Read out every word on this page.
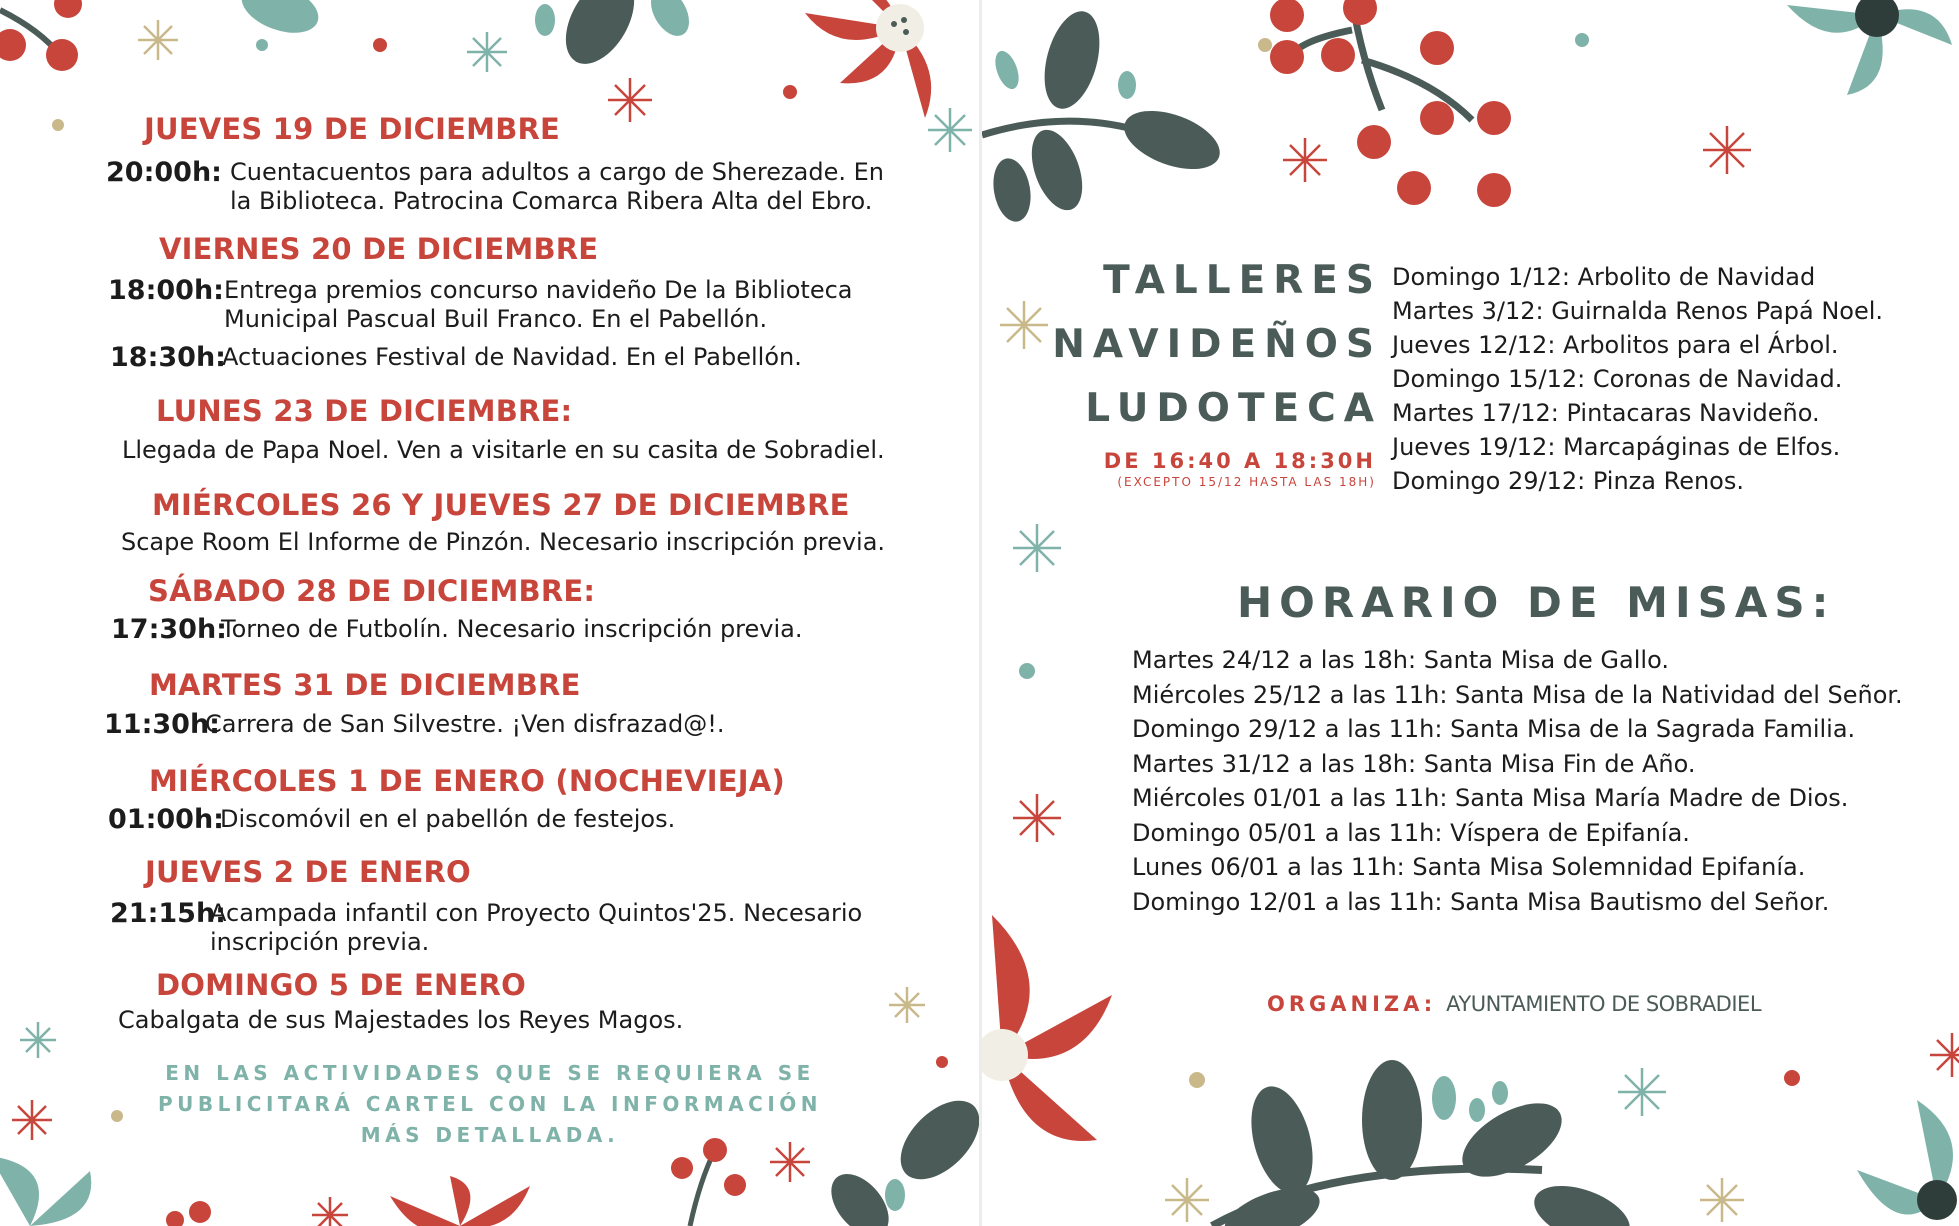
JUEVES 19 DE DICIEMBRE
20:00h: Cuentacuentos para adultos a cargo de Sherezade. En
la Biblioteca. Patrocina Comarca Ribera Alta del Ebro.
VIERNES 20 DE DICIEMBRE
18:00h: Entrega premios concurso navideño De la Biblioteca
Municipal Pascual Buil Franco. En el Pabellón.
18:30h:
Actuaciones Festival de Navidad. En el Pabellón.
LUNES 23 DE DICIEMBRE:
Llegada de Papa Noel. Ven a visitarle en su casita de Sobradiel.
MIÉRCOLES 26 Y JUEVES 27 DE DICIEMBRE
Scape Room El Informe de Pinzón. Necesario inscripción previa.
SÁBADO 28 DE DICIEMBRE:
17:30h:
Torneo de Futbolín. Necesario inscripción previa.
MARTES 31 DE DICIEMBRE
11:30h:
Carrera de San Silvestre. ¡Ven disfrazad@!.
MIÉRCOLES 1 DE ENERO (NOCHEVIEJA)
01:00h:
Discomóvil en el pabellón de festejos.
JUEVES 2 DE ENERO
21:15h:
Acampada infantil con Proyecto Quintos'25. Necesario
inscripción previa.
DOMINGO 5 DE ENERO
Cabalgata de sus Majestades los Reyes Magos.
EN LAS ACTIVIDADES QUE SE REQUIERA SE
PUBLICITARÁ CARTEL CON LA INFORMACIÓN
MÁS DETALLADA.
TALLERES
NAVIDEÑOS
LUDOTECA
DE 16:40 A 18:30H
(EXCEPTO 15/12 HASTA LAS 18H)
Domingo 1/12: Arbolito de Navidad
Martes 3/12: Guirnalda Renos Papá Noel.
Jueves 12/12: Arbolitos para el Árbol.
Domingo 15/12: Coronas de Navidad.
Martes 17/12: Pintacaras Navideño.
Jueves 19/12: Marcapáginas de Elfos.
Domingo 29/12: Pinza Renos.
HORARIO DE MISAS:
Martes 24/12 a las 18h: Santa Misa de Gallo.
Miércoles 25/12 a las 11h: Santa Misa de la Natividad del Señor.
Domingo 29/12 a las 11h: Santa Misa de la Sagrada Familia.
Martes 31/12 a las 18h: Santa Misa Fin de Año.
Miércoles 01/01 a las 11h: Santa Misa María Madre de Dios.
Domingo 05/01 a las 11h: Víspera de Epifanía.
Lunes 06/01 a las 11h: Santa Misa Solemnidad Epifanía.
Domingo 12/01 a las 11h: Santa Misa Bautismo del Señor.
ORGANIZA: AYUNTAMIENTO DE SOBRADIEL
